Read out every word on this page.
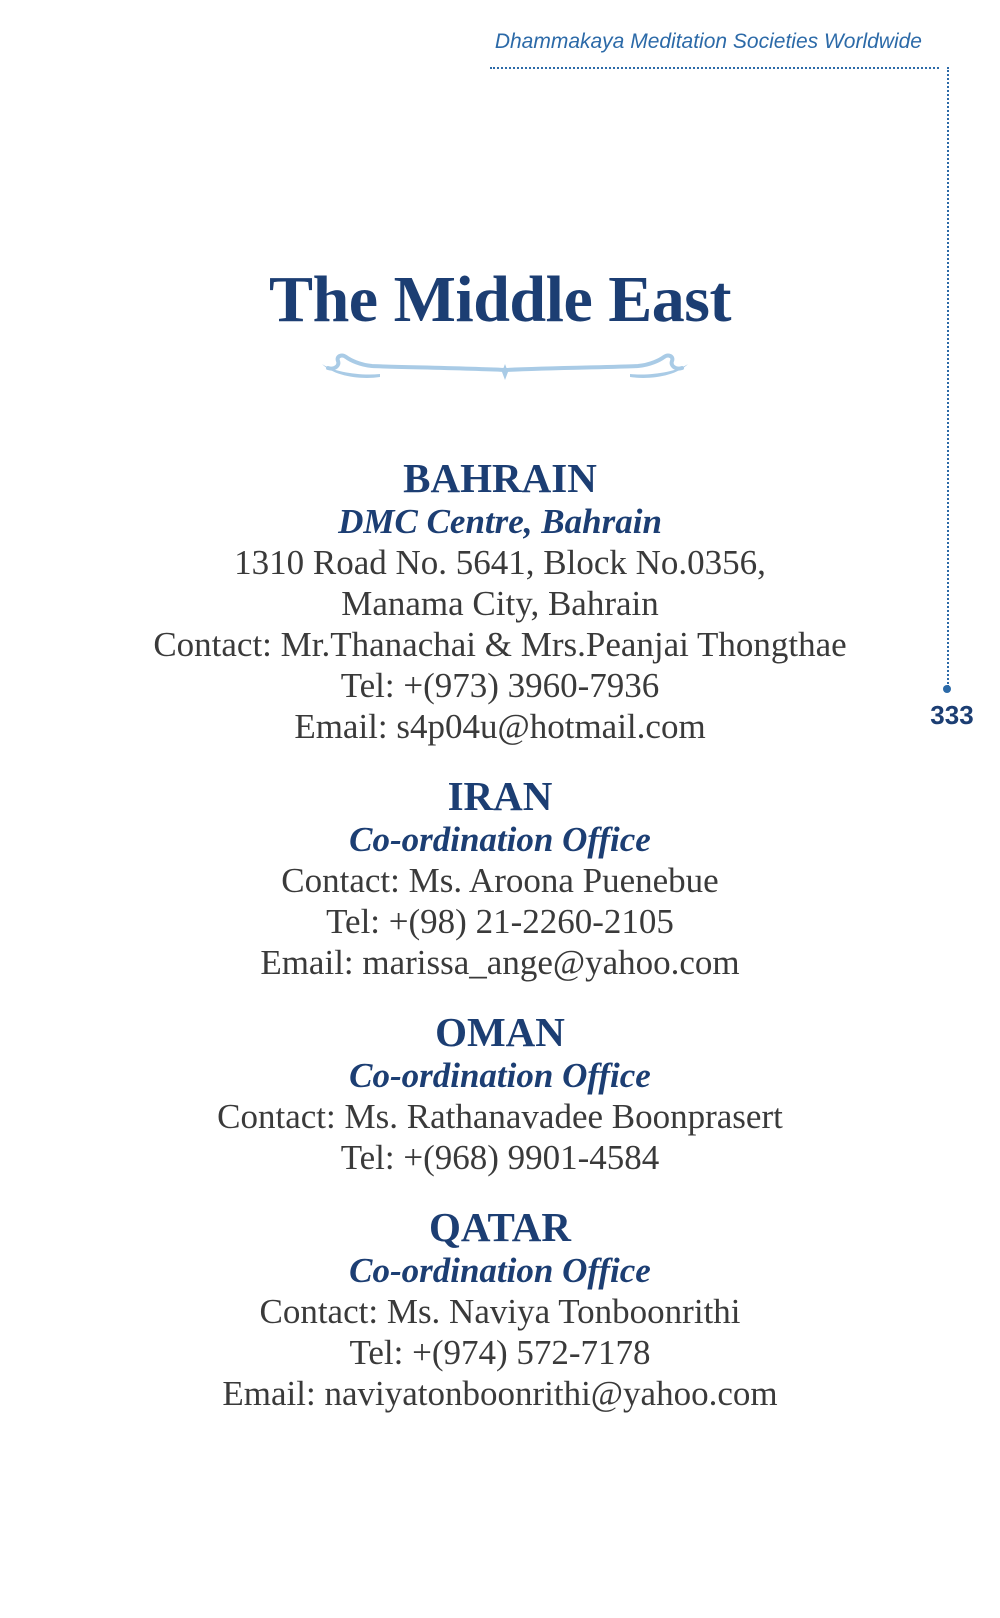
Dhammakaya Meditation Societies Worldwide
333
The Middle East
BAHRAIN
DMC Centre, Bahrain
1310 Road No. 5641, Block No.0356,
Manama City, Bahrain
Contact: Mr.Thanachai & Mrs.Peanjai Thongthae
Tel: +(973) 3960-7936
Email: s4p04u@hotmail.com
IRAN
Co-ordination Office
Contact: Ms. Aroona Puenebue
Tel: +(98) 21-2260-2105
Email: marissa_ange@yahoo.com
OMAN
Co-ordination Office
Contact: Ms. Rathanavadee Boonprasert
Tel: +(968) 9901-4584
QATAR
Co-ordination Office
Contact: Ms. Naviya Tonboonrithi
Tel: +(974) 572-7178
Email: naviyatonboonrithi@yahoo.com
